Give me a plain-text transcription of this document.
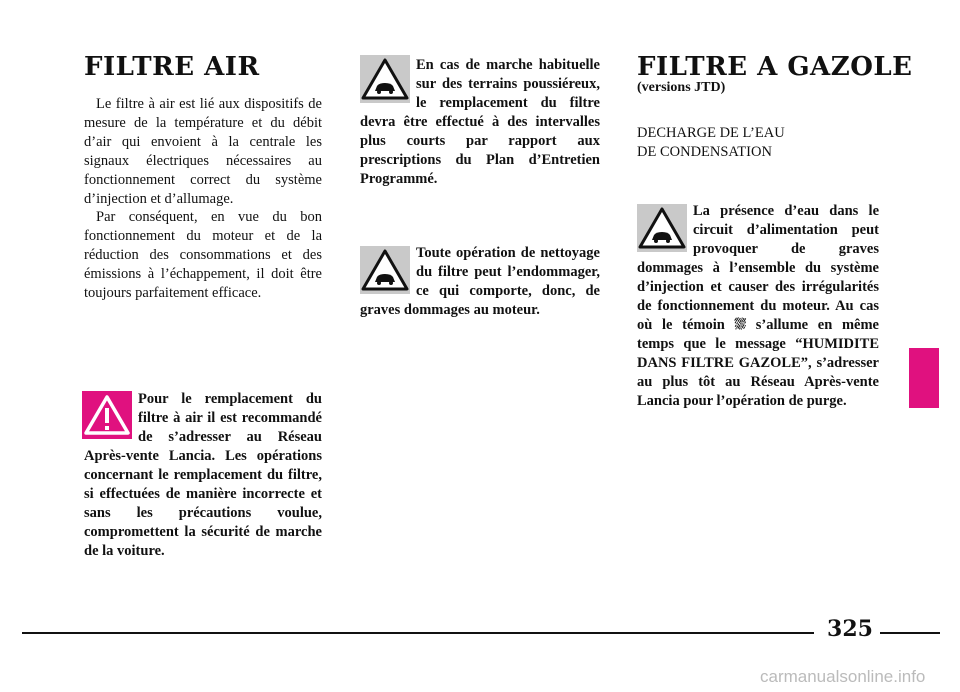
FILTRE AIR

Le filtre à air est lié aux dispositifs de mesure de la température et du débit d’air qui envoient à la centrale les signaux électriques nécessaires au fonctionnement correct du système d’injection et d’allumage.

Par conséquent, en vue du bon fonctionnement du moteur et de la réduction des consommations et des émissions à l’échappement, il doit être toujours parfaitement efficace.

Pour le remplacement du filtre à air il est recommandé de s’adresser au Réseau Après-vente Lancia. Les opérations concernant le remplacement du filtre, si effectuées de manière incorrecte et sans les précautions voulue, compromettent la sécurité de marche de la voiture.

En cas de marche habituelle sur des terrains poussiéreux, le remplacement du filtre devra être effectué à des intervalles plus courts par rapport aux prescriptions du Plan d’Entretien Programmé.

Toute opération de nettoyage du filtre peut l’endommager, ce qui comporte, donc, de graves dommages au moteur.

FILTRE A GAZOLE
(versions JTD)
DECHARGE DE L’EAU
DE CONDENSATION

La présence d’eau dans le circuit d’alimentation peut provoquer de graves dommages à l’ensemble du système d’injection et causer des irrégularités de fonctionnement du moteur. Au cas où le témoin ⛆ s’allume en même temps que le message “HUMIDITE DANS FILTRE GAZOLE”, s’adresser au plus tôt au Réseau Après-vente Lancia pour l’opération de purge.

325
carmanualsonline.info
